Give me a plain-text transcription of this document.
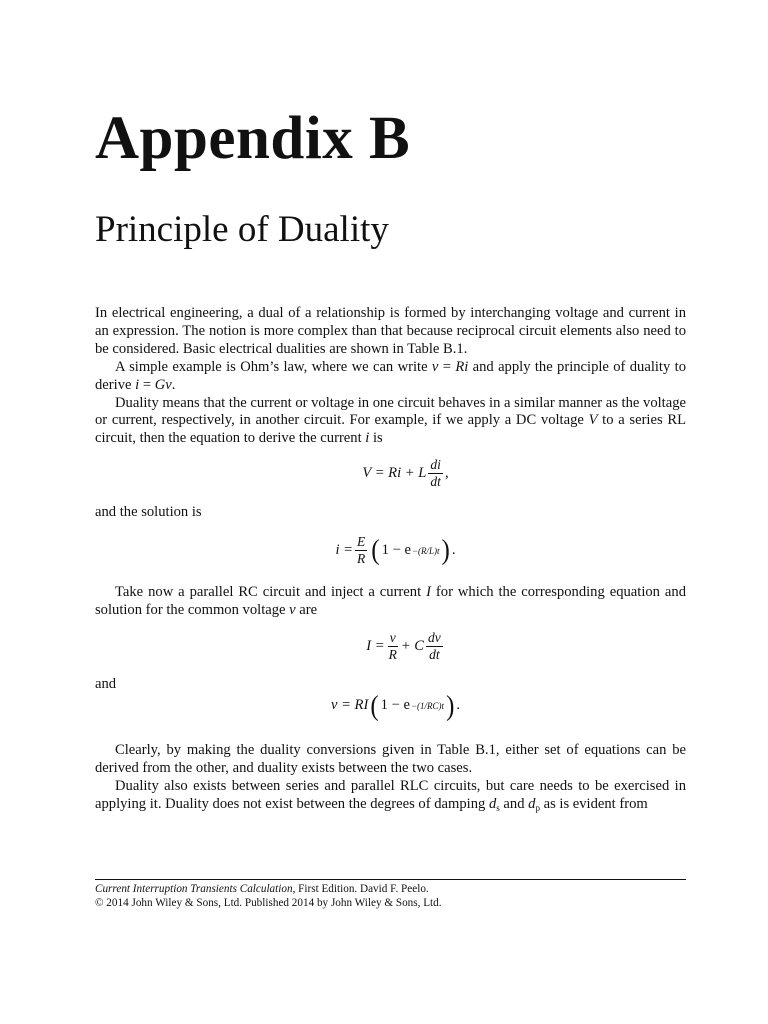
Appendix B
Principle of Duality

In electrical engineering, a dual of a relationship is formed by interchanging voltage and current in an expression. The notion is more complex than that because reciprocal circuit elements also need to be considered. Basic electrical dualities are shown in Table B.1.

A simple example is Ohm’s law, where we can write v = Ri and apply the principle of duality to derive i = Gv.

Duality means that the current or voltage in one circuit behaves in a similar manner as the voltage or current, respectively, in another circuit. For example, if we apply a DC voltage V to a series RL circuit, then the equation to derive the current i is

V = Ri + L $\frac{di}{dt}$ ,

and the solution is

$i = \frac{E}{R}$ ( 1 − e −(R/L)t ) .

Take now a parallel RC circuit and inject a current I for which the corresponding equation and solution for the common voltage v are

$I = \frac{v}{R} + C \frac{dv}{dt}$

and

v = RI ( 1 − e −(1/RC)t ) .

Clearly, by making the duality conversions given in Table B.1, either set of equations can be derived from the other, and duality exists between the two cases.

Duality also exists between series and parallel RLC circuits, but care needs to be exercised in applying it. Duality does not exist between the degrees of damping $d_s$ and $d_p$ as is evident from

Current Interruption Transients Calculation, First Edition. David F. Peelo.
© 2014 John Wiley & Sons, Ltd. Published 2014 by John Wiley & Sons, Ltd.
